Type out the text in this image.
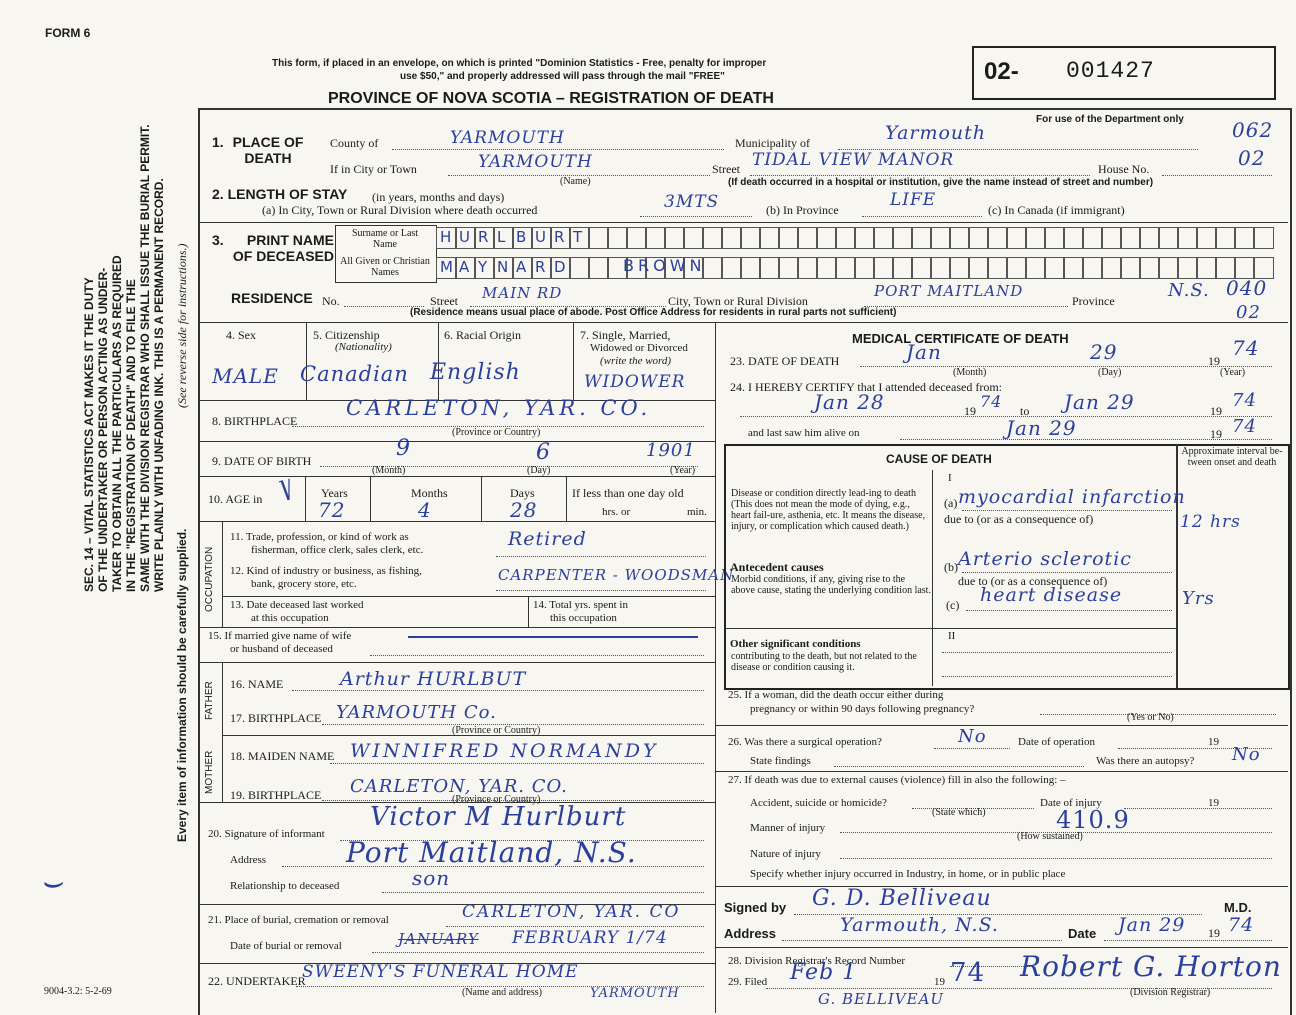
FORM 6
This form, if placed in an envelope, on which is printed "Dominion Statistics - Free, penalty for improper
use $50," and properly addressed will pass through the mail "FREE"
PROVINCE OF NOVA SCOTIA – REGISTRATION OF DEATH
02- 001427
For use of the Department only
SEC. 14 – VITAL STATISTICS ACT MAKES IT THE DUTY OF THE UNDERTAKER OR PERSON ACTING AS UNDER- TAKER TO OBTAIN ALL THE PARTICULARS AS REQUIRED IN THE "REGISTRATION OF DEATH" AND TO FILE THE SAME WITH THE DIVISION REGISTRAR WHO SHALL ISSUE THE BURIAL PERMIT. WRITE PLAINLY WITH UNFADING INK. THIS IS A PERMANENT RECORD.
Every item of information should be carefully supplied.
(See reverse side for instructions.)
⌣
9004-3.2: 5-2-69
1. PLACE OF DEATH
County of	YARMOUTH	Municipality of	Yarmouth	062
If in City or Town	YARMOUTH
(Name)
Street TIDAL VIEW MANOR	House No.	02
(If death occurred in a hospital or institution, give the name instead of street and number)
2. LENGTH OF STAY (in years, months and days)
(a) In City, Town or Rural Division where death occurred	3MTS	(b) In Province	LIFE	(c) In Canada (if immigrant)
3.	PRINT NAME OF DECEASED
Surname or Last Name
All Given or Christian Names
H U R L B U R T
M A Y N A R D	BROWN
RESIDENCE No.	Street MAIN RD	City, Town or Rural Division
PORT MAITLAND
Province	N.S. 040
02
(Residence means usual place of abode. Post Office Address for residents in rural parts not sufficient)
4. Sex
MALE
5. Citizenship
(Nationality)
Canadian
6. Racial Origin
English
7. Single, Married,
Widowed or Divorced
(write the word)
WIDOWER
8. BIRTHPLACE
CARLETON, YAR. CO.
(Province or Country)
9. DATE OF BIRTH	9	6	1901
(Month)	(Day)	(Year)
10. AGE in ⎷ Years
72
Months
4
Days
28
If less than one day old
hrs. or	min.
OCCUPATION
11. Trade, profession, or kind of work as
fisherman, office clerk, sales clerk, etc.	Retired
12. Kind of industry or business, as fishing,
bank, grocery store, etc.	CARPENTER - WOODSMAN
13. Date deceased last worked
at this occupation
14. Total yrs. spent in
this occupation
15. If married give name of wife
or husband of deceased
FATHER 16. NAME	Arthur HURLBUT
17. BIRTHPLACE YARMOUTH Co.
(Province or Country)
MOTHER 18. MAIDEN NAME WINNIFRED NORMANDY
19. BIRTHPLACE CARLETON, YAR. CO.
(Province or Country)
20. Signature of informant
Victor M Hurlburt
Address	Port Maitland, N.S.
Relationship to deceased	son
21. Place of burial, cremation or removal	CARLETON, YAR. CO
Date of burial or removal	JANUARY FEBRUARY 1/74
22. UNDERTAKER
SWEENY'S FUNERAL HOME
(Name and address)	YARMOUTH
MEDICAL CERTIFICATE OF DEATH
23. DATE OF DEATH	Jan	29	19
74
(Month)	(Day)	(Year)
24. I HEREBY CERTIFY that I attended deceased from:
Jan 28	19 74 to Jan 29	19 74
and last saw him alive on	Jan 29	19 74
CAUSE OF DEATH
Approximate interval be-tween onset and death
I
Disease or condition directly lead-ing to death (This does not mean the mode of dying, e.g., heart fail-ure, asthenia, etc. It means the disease, injury, or complication which caused death.)
(a) myocardial infarction
due to (or as a consequence of)	12 hrs
Antecedent causes
Morbid conditions, if any, giving rise to the above cause, stating the underlying condition last.
(b) Arterio sclerotic
due to (or as a consequence of)
(c) heart disease	Yrs
II
Other significant conditions
contributing to the death, but not related to the disease or condition causing it.
25. If a woman, did the death occur either during
pregnancy or within 90 days following pregnancy?
(Yes or No)
26. Was there a surgical operation?	No	Date of operation	19
State findings	Was there an autopsy? No
27. If death was due to external causes (violence) fill in also the following: –
Accident, suicide or homicide?	Date of injury	19
(State which)
Manner of injury	410.9
(How sustained)
Nature of injury
Specify whether injury occurred in Industry, in home, or in public place
Signed by G. D. Belliveau	M.D.
Address	Yarmouth, N.S.	Date Jan 29 19 74
28. Division Registrar's Record Number
29. Filed Feb 1	19 74 Robert G. Horton
(Division Registrar)
G. BELLIVEAU
